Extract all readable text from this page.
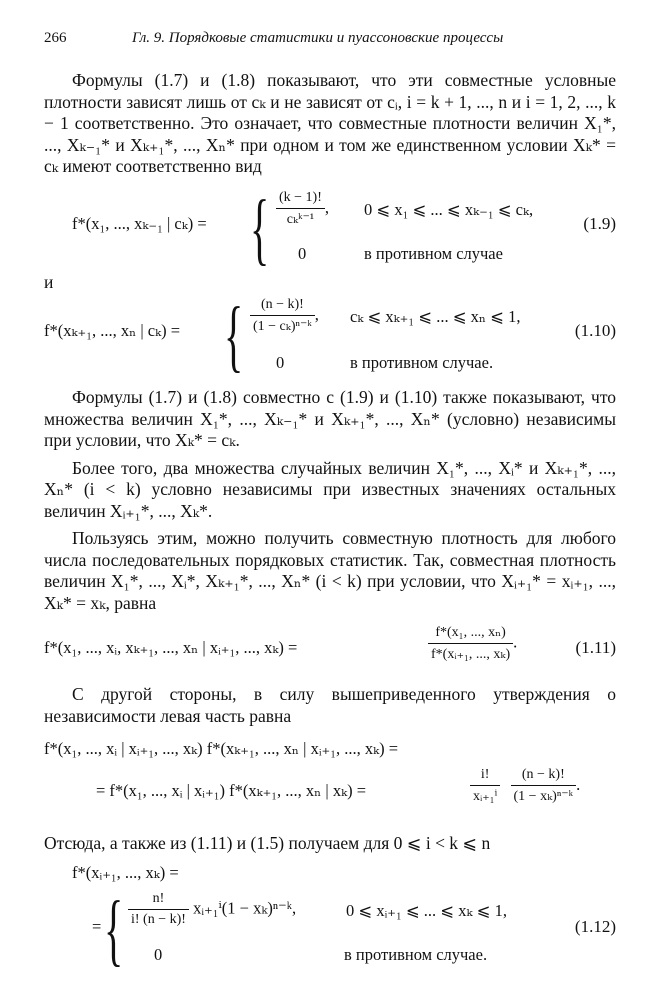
266	Гл. 9. Порядковые статистики и пуассоновские процессы

Формулы (1.7) и (1.8) показывают, что эти совместные условные плотности зависят лишь от cₖ и не зависят от cᵢ, i = k + 1, ..., n и i = 1, 2, ..., k − 1 соответственно. Это означает, что совместные плотности величин X₁*, ..., Xₖ₋₁* и Xₖ₊₁*, ..., Xₙ* при одном и том же единственном условии Xₖ* = cₖ имеют соответственно вид

f*(x₁, ..., xₖ₋₁ | cₖ) = { $\frac{(k - 1)!}{\text{cₖᵏ⁻¹}}$ , 0 ⩽ x₁ ⩽ ... ⩽ xₖ₋₁ ⩽ cₖ,
0	в противном случае
(1.9)

и

f*(xₖ₊₁, ..., xₙ | cₖ) = { $\frac{(n - k)!}{\text{(1 − cₖ)ⁿ⁻ᵏ}}$ , cₖ ⩽ xₖ₊₁ ⩽ ... ⩽ xₙ ⩽ 1,
0	в противном случае.
(1.10)

Формулы (1.7) и (1.8) совместно с (1.9) и (1.10) также показывают, что множества величин X₁*, ..., Xₖ₋₁* и Xₖ₊₁*, ..., Xₙ* (условно) независимы при условии, что Xₖ* = cₖ.

Более того, два множества случайных величин X₁*, ..., Xᵢ* и Xₖ₊₁*, ..., Xₙ* (i < k) условно независимы при известных значениях остальных величин Xᵢ₊₁*, ..., Xₖ*.

Пользуясь этим, можно получить совместную плотность для любого числа последовательных порядковых статистик. Так, совместная плотность величин X₁*, ..., Xᵢ*, Xₖ₊₁*, ..., Xₙ* (i < k) при условии, что Xᵢ₊₁* = xᵢ₊₁, ..., Xₖ* = xₖ, равна

f*(x₁, ..., xᵢ, xₖ₊₁, ..., xₙ | xᵢ₊₁, ..., xₖ) =	$\frac{\text{f*(x₁, ..., xₙ)}}{\text{f*(xᵢ₊₁, ..., xₖ)}}$ .	(1.11)

С другой стороны, в силу вышеприведенного утверждения о независимости левая часть равна

f*(x₁, ..., xᵢ | xᵢ₊₁, ..., xₖ) f*(xₖ₊₁, ..., xₙ | xᵢ₊₁, ..., xₖ) =
= f*(x₁, ..., xᵢ | xᵢ₊₁) f*(xₖ₊₁, ..., xₙ | xₖ) =	$\frac{i!}{\text{xᵢ₊₁ⁱ}}$
$\frac{(n - k)!}{\text{(1 − xₖ)ⁿ⁻ᵏ}}$ .

Отсюда, а также из (1.11) и (1.5) получаем для 0 ⩽ i < k ⩽ n

f*(xᵢ₊₁, ..., xₖ) =
= { $\frac{n!}{i! (n - k)!}$ xᵢ₊₁ⁱ(1 − xₖ)ⁿ⁻ᵏ,	0 ⩽ xᵢ₊₁ ⩽ ... ⩽ xₖ ⩽ 1,
0	в противном случае.
(1.12)
